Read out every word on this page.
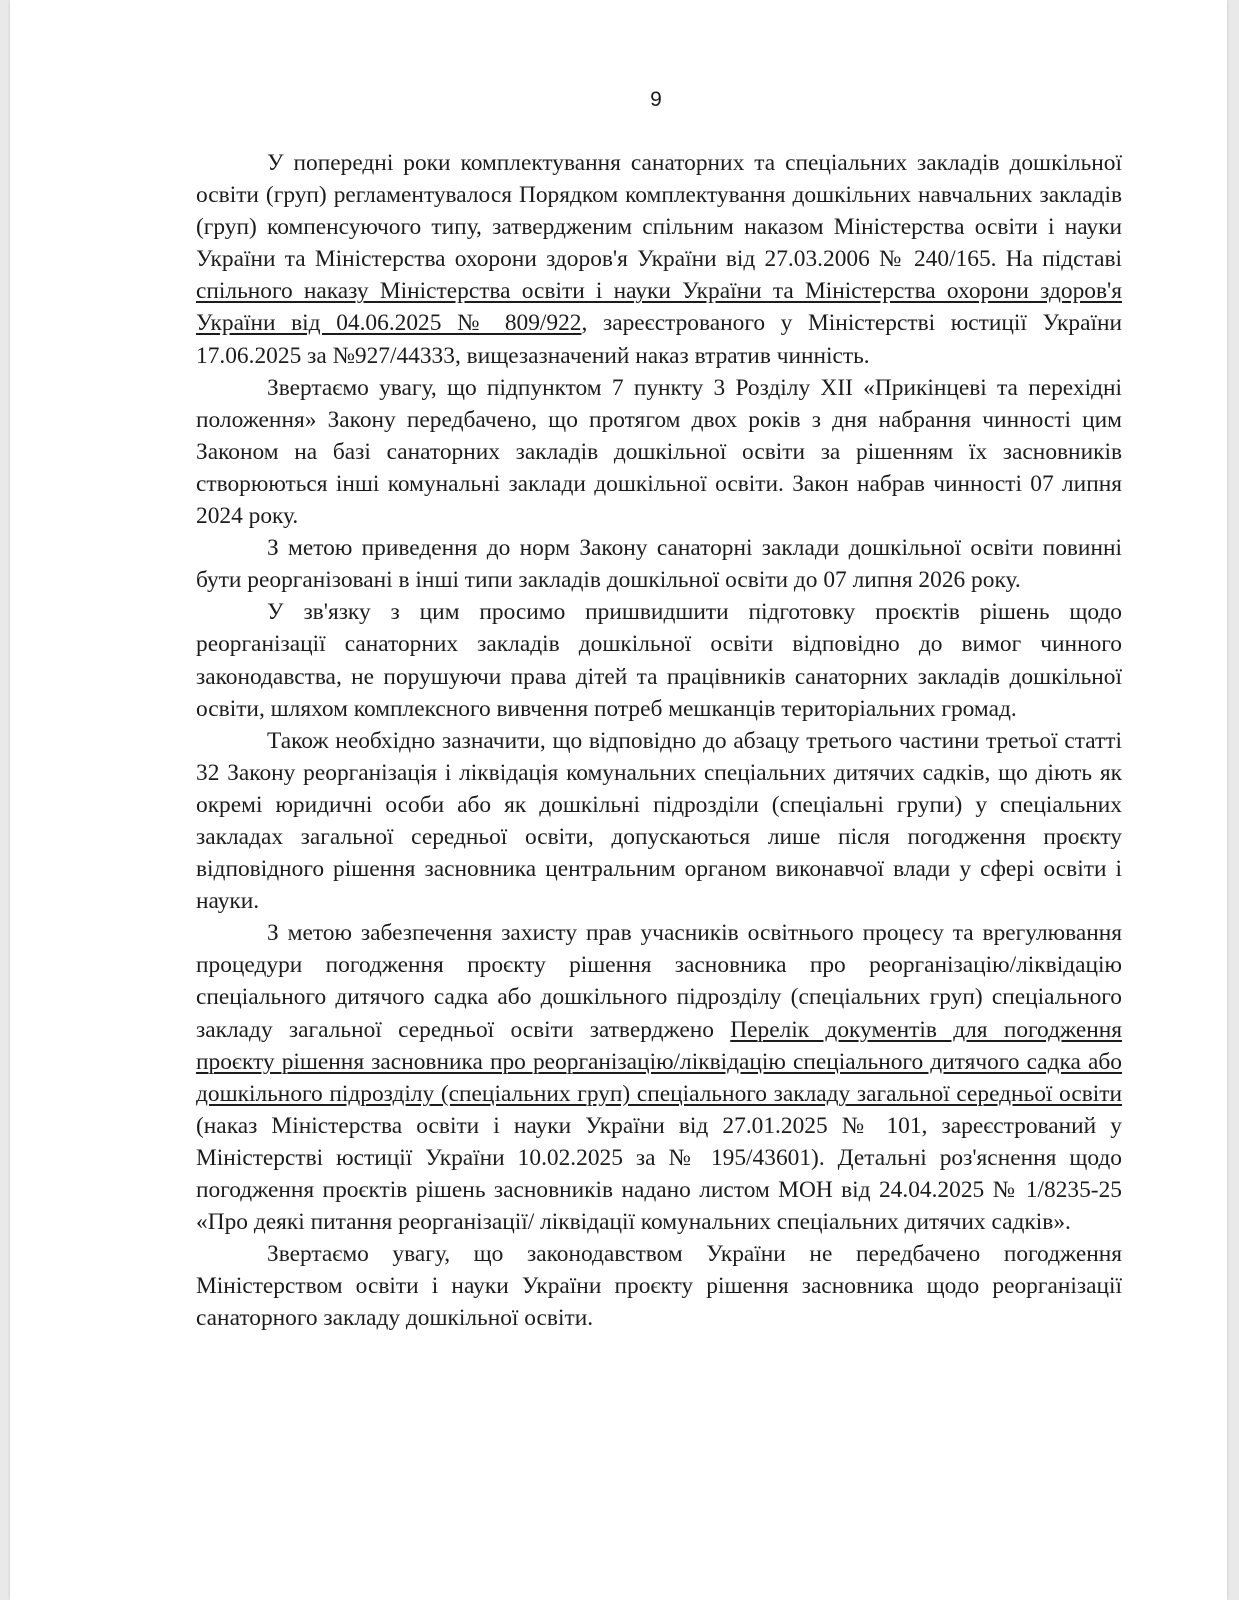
9

У попередні роки комплектування санаторних та спеціальних закладів дошкільної освіти (груп) регламентувалося Порядком комплектування дошкільних навчальних закладів (груп) компенсуючого типу, затвердженим спільним наказом Міністерства освіти і науки України та Міністерства охорони здоров'я України від 27.03.2006 № 240/165. На підставі спільного наказу Міністерства освіти і науки України та Міністерства охорони здоров'я України від 04.06.2025 № 809/922, зареєстрованого у Міністерстві юстиції України 17.06.2025 за №927/44333, вищезазначений наказ втратив чинність.

Звертаємо увагу, що підпунктом 7 пункту 3 Розділу XII «Прикінцеві та перехідні положення» Закону передбачено, що протягом двох років з дня набрання чинності цим Законом на базі санаторних закладів дошкільної освіти за рішенням їх засновників створюються інші комунальні заклади дошкільної освіти. Закон набрав чинності 07 липня 2024 року.

З метою приведення до норм Закону санаторні заклади дошкільної освіти повинні бути реорганізовані в інші типи закладів дошкільної освіти до 07 липня 2026 року.

У зв'язку з цим просимо пришвидшити підготовку проєктів рішень щодо реорганізації санаторних закладів дошкільної освіти відповідно до вимог чинного законодавства, не порушуючи права дітей та працівників санаторних закладів дошкільної освіти, шляхом комплексного вивчення потреб мешканців територіальних громад.

Також необхідно зазначити, що відповідно до абзацу третього частини третьої статті 32 Закону реорганізація і ліквідація комунальних спеціальних дитячих садків, що діють як окремі юридичні особи або як дошкільні підрозділи (спеціальні групи) у спеціальних закладах загальної середньої освіти, допускаються лише після погодження проєкту відповідного рішення засновника центральним органом виконавчої влади у сфері освіти і науки.

З метою забезпечення захисту прав учасників освітнього процесу та врегулювання процедури погодження проєкту рішення засновника про реорганізацію/ліквідацію спеціального дитячого садка або дошкільного підрозділу (спеціальних груп) спеціального закладу загальної середньої освіти затверджено Перелік документів для погодження проєкту рішення засновника про реорганізацію/ліквідацію спеціального дитячого садка або дошкільного підрозділу (спеціальних груп) спеціального закладу загальної середньої освіти (наказ Міністерства освіти і науки України від 27.01.2025 № 101, зареєстрований у Міністерстві юстиції України 10.02.2025 за № 195/43601). Детальні роз'яснення щодо погодження проєктів рішень засновників надано листом МОН від 24.04.2025 № 1/8235-25 «Про деякі питання реорганізації/ ліквідації комунальних спеціальних дитячих садків».

Звертаємо увагу, що законодавством України не передбачено погодження Міністерством освіти і науки України проєкту рішення засновника щодо реорганізації санаторного закладу дошкільної освіти.
